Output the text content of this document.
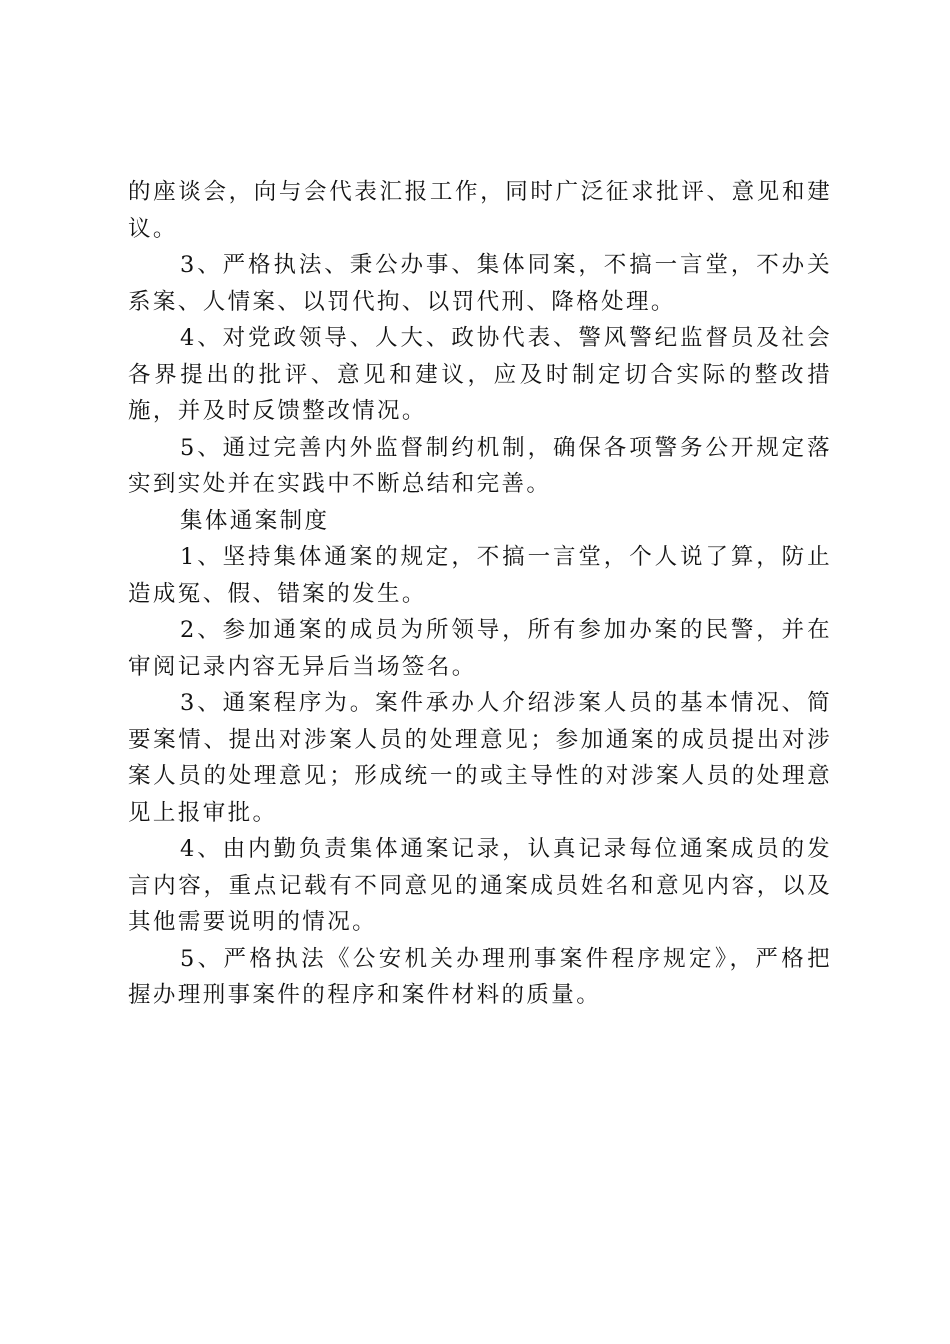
的座谈会，向与会代表汇报工作，同时广泛征求批评、意见和建议。

3、严格执法、秉公办事、集体同案，不搞一言堂，不办关系案、人情案、以罚代拘、以罚代刑、降格处理。

4、对党政领导、人大、政协代表、警风警纪监督员及社会各界提出的批评、意见和建议，应及时制定切合实际的整改措施，并及时反馈整改情况。

5、通过完善内外监督制约机制，确保各项警务公开规定落实到实处并在实践中不断总结和完善。

集体通案制度

1、坚持集体通案的规定，不搞一言堂，个人说了算，防止造成冤、假、错案的发生。

2、参加通案的成员为所领导，所有参加办案的民警，并在审阅记录内容无异后当场签名。

3、通案程序为。案件承办人介绍涉案人员的基本情况、简要案情、提出对涉案人员的处理意见；参加通案的成员提出对涉案人员的处理意见；形成统一的或主导性的对涉案人员的处理意见上报审批。

4、由内勤负责集体通案记录，认真记录每位通案成员的发言内容，重点记载有不同意见的通案成员姓名和意见内容，以及其他需要说明的情况。

5、严格执法《公安机关办理刑事案件程序规定》，严格把握办理刑事案件的程序和案件材料的质量。
